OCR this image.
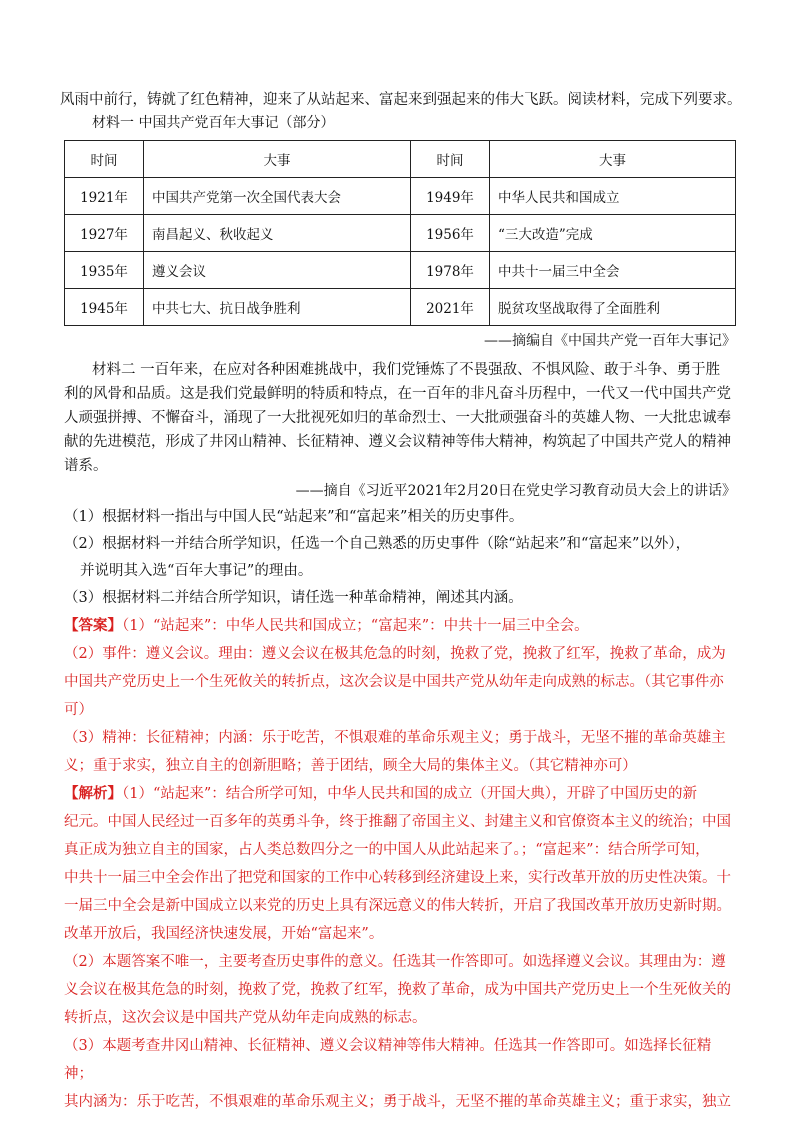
风雨中前行，铸就了红色精神，迎来了从站起来、富起来到强起来的伟大飞跃。阅读材料，完成下列要求。
材料一 中国共产党百年大事记（部分）
时间	大事	时间	大事
1921年	中国共产党第一次全国代表大会	1949年	中华人民共和国成立
1927年	南昌起义、秋收起义	1956年	“三大改造”完成
1935年	遵义会议	1978年	中共十一届三中全会
1945年	中共七大、抗日战争胜利	2021年	脱贫攻坚战取得了全面胜利
——摘编自《中国共产党一百年大事记》

材料二 一百年来，在应对各种困难挑战中，我们党锤炼了不畏强敌、不惧风险、敢于斗争、勇于胜

利的风骨和品质。这是我们党最鲜明的特质和特点，在一百年的非凡奋斗历程中，一代又一代中国共产党

人顽强拼搏、不懈奋斗，涌现了一大批视死如归的革命烈士、一大批顽强奋斗的英雄人物、一大批忠诚奉

献的先进模范，形成了井冈山精神、长征精神、遵义会议精神等伟大精神，构筑起了中国共产党人的精神

谱系。

——摘自《习近平2021年2月20日在党史学习教育动员大会上的讲话》
（1）根据材料一指出与中国人民“站起来”和“富起来”相关的历史事件。
（2）根据材料一并结合所学知识，任选一个自己熟悉的历史事件（除“站起来”和“富起来”以外），
并说明其入选“百年大事记”的理由。
（3）根据材料二并结合所学知识，请任选一种革命精神，阐述其内涵。
【答案】（1）“站起来”：中华人民共和国成立；“富起来”：中共十一届三中全会。
（2）事件：遵义会议。理由：遵义会议在极其危急的时刻，挽救了党，挽救了红军，挽救了革命，成为
中国共产党历史上一个生死攸关的转折点，这次会议是中国共产党从幼年走向成熟的标志。（其它事件亦
可）
（3）精神：长征精神；内涵：乐于吃苦，不惧艰难的革命乐观主义；勇于战斗，无坚不摧的革命英雄主
义；重于求实，独立自主的创新胆略；善于团结，顾全大局的集体主义。（其它精神亦可）
【解析】（1）“站起来”：结合所学可知，中华人民共和国的成立（开国大典），开辟了中国历史的新
纪元。中国人民经过一百多年的英勇斗争，终于推翻了帝国主义、封建主义和官僚资本主义的统治；中国
真正成为独立自主的国家，占人类总数四分之一的中国人从此站起来了。；“富起来”：结合所学可知，
中共十一届三中全会作出了把党和国家的工作中心转移到经济建设上来，实行改革开放的历史性决策。十
一届三中全会是新中国成立以来党的历史上具有深远意义的伟大转折，开启了我国改革开放历史新时期。
改革开放后，我国经济快速发展，开始“富起来”。
（2）本题答案不唯一，主要考查历史事件的意义。任选其一作答即可。如选择遵义会议。其理由为：遵
义会议在极其危急的时刻，挽救了党，挽救了红军，挽救了革命，成为中国共产党历史上一个生死攸关的
转折点，这次会议是中国共产党从幼年走向成熟的标志。
（3）本题考查井冈山精神、长征精神、遵义会议精神等伟大精神。任选其一作答即可。如选择长征精神；
其内涵为：乐于吃苦，不惧艰难的革命乐观主义；勇于战斗，无坚不摧的革命英雄主义；重于求实，独立
